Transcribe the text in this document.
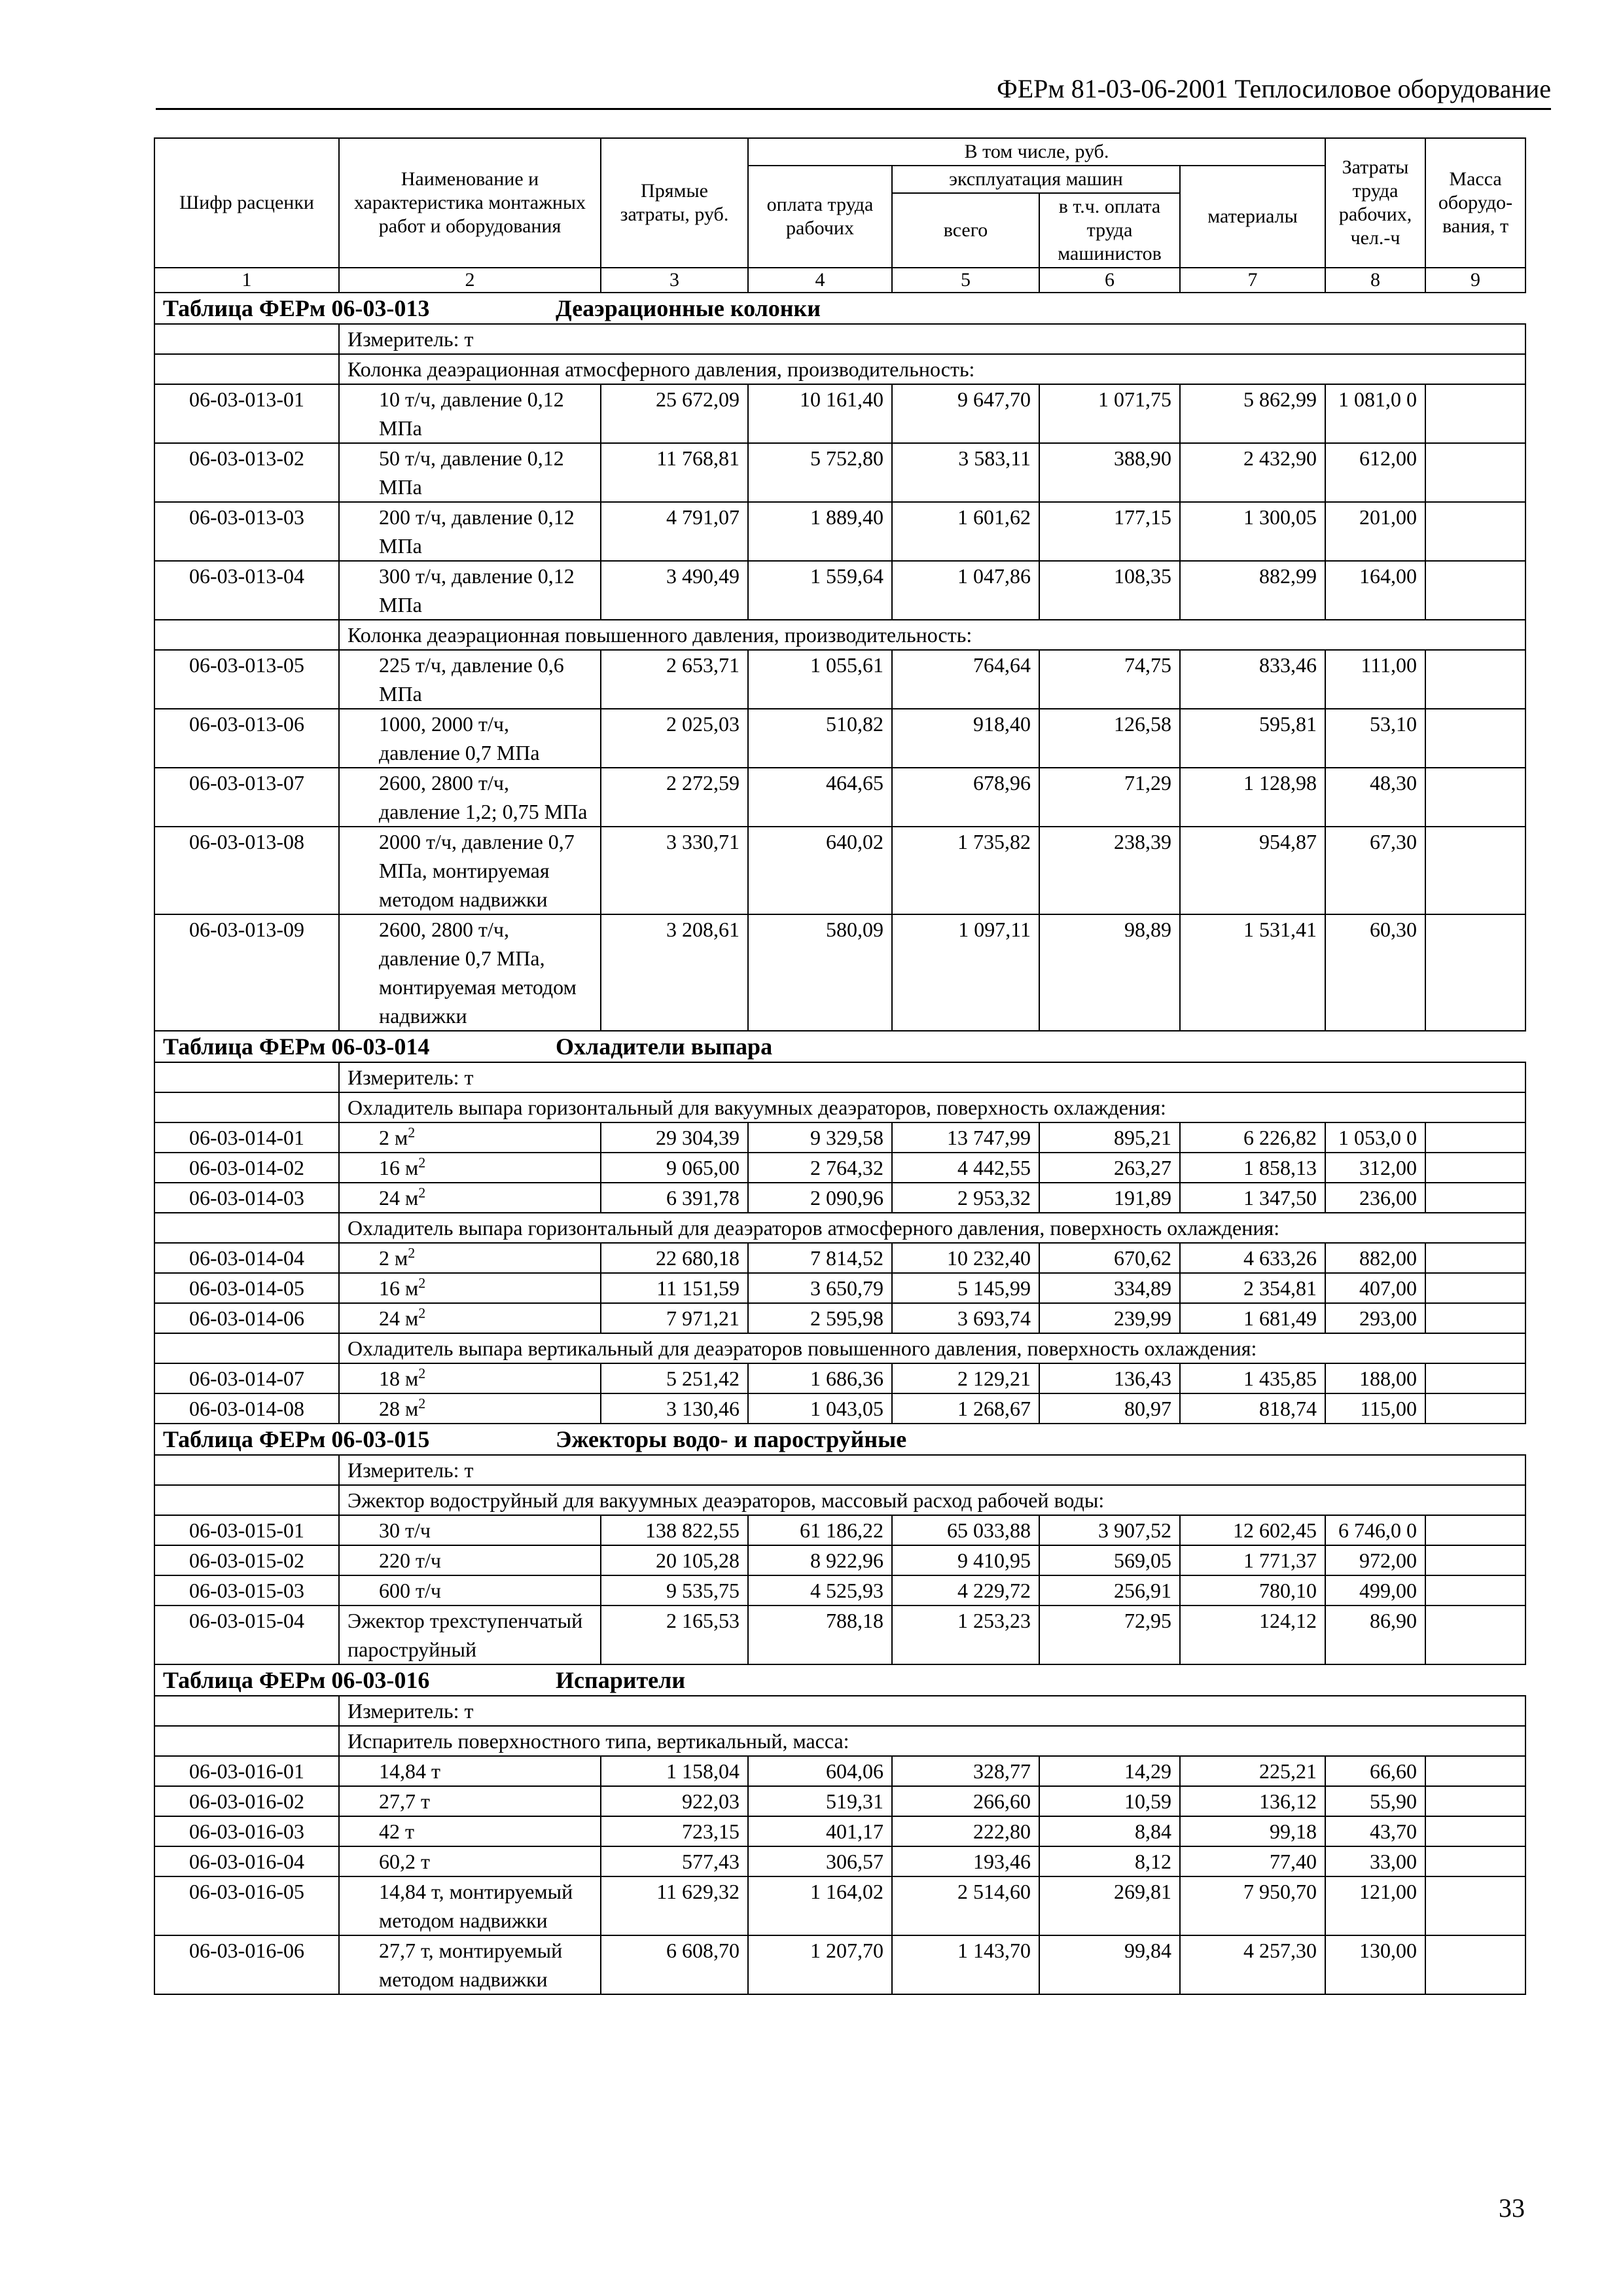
ФЕРм 81-03-06-2001 Теплосиловое оборудование
Шифр расценки	Наименование и характеристика монтажных работ и оборудования	Прямые затраты, руб.	В том числе, руб.				Затраты труда рабочих, чел.-ч	Масса оборудо-вания, т
			оплата труда рабочих	эксплуатация машин		материалы		
				всего	в т.ч. оплата труда машинистов			

1	2	3	4	5	6	7	8	9

Таблица ФЕРм 06-03-013 Деаэрационные колонки								

	Измеритель: т							
	Колонка деаэрационная атмосферного давления, производительность:							
06-03-013-01	10 т/ч, давление 0,12 МПа	25 672,09	10 161,40	9 647,70	1 071,75	5 862,99	1 081,0 0	
06-03-013-02	50 т/ч, давление 0,12 МПа	11 768,81	5 752,80	3 583,11	388,90	2 432,90	612,00	
06-03-013-03	200 т/ч, давление 0,12 МПа	4 791,07	1 889,40	1 601,62	177,15	1 300,05	201,00	
06-03-013-04	300 т/ч, давление 0,12 МПа	3 490,49	1 559,64	1 047,86	108,35	882,99	164,00	
	Колонка деаэрационная повышенного давления, производительность:							
06-03-013-05	225 т/ч, давление 0,6 МПа	2 653,71	1 055,61	764,64	74,75	833,46	111,00	
06-03-013-06	1000, 2000 т/ч, давление 0,7 МПа	2 025,03	510,82	918,40	126,58	595,81	53,10	
06-03-013-07	2600, 2800 т/ч, давление 1,2; 0,75 МПа	2 272,59	464,65	678,96	71,29	1 128,98	48,30	
06-03-013-08	2000 т/ч, давление 0,7 МПа, монтируемая методом надвижки	3 330,71	640,02	1 735,82	238,39	954,87	67,30	
06-03-013-09	2600, 2800 т/ч, давление 0,7 МПа, монтируемая методом надвижки	3 208,61	580,09	1 097,11	98,89	1 531,41	60,30	

Таблица ФЕРм 06-03-014 Охладители выпара								

	Измеритель: т							
	Охладитель выпара горизонтальный для вакуумных деаэраторов, поверхность охлаждения:							
06-03-014-01	2 $м^2$	29 304,39	9 329,58	13 747,99	895,21	6 226,82	1 053,0 0	
06-03-014-02	16 $м^2$	9 065,00	2 764,32	4 442,55	263,27	1 858,13	312,00	
06-03-014-03	24 $м^2$	6 391,78	2 090,96	2 953,32	191,89	1 347,50	236,00	
	Охладитель выпара горизонтальный для деаэраторов атмосферного давления, поверхность охлаждения:							
06-03-014-04	2 $м^2$	22 680,18	7 814,52	10 232,40	670,62	4 633,26	882,00	
06-03-014-05	16 $м^2$	11 151,59	3 650,79	5 145,99	334,89	2 354,81	407,00	
06-03-014-06	24 $м^2$	7 971,21	2 595,98	3 693,74	239,99	1 681,49	293,00	
	Охладитель выпара вертикальный для деаэраторов повышенного давления, поверхность охлаждения:							
06-03-014-07	18 $м^2$	5 251,42	1 686,36	2 129,21	136,43	1 435,85	188,00	
06-03-014-08	28 $м^2$	3 130,46	1 043,05	1 268,67	80,97	818,74	115,00	

Таблица ФЕРм 06-03-015 Эжекторы водо- и пароструйные								

	Измеритель: т							
	Эжектор водоструйный для вакуумных деаэраторов, массовый расход рабочей воды:							
06-03-015-01	30 т/ч	138 822,55	61 186,22	65 033,88	3 907,52	12 602,45	6 746,0 0	
06-03-015-02	220 т/ч	20 105,28	8 922,96	9 410,95	569,05	1 771,37	972,00	
06-03-015-03	600 т/ч	9 535,75	4 525,93	4 229,72	256,91	780,10	499,00	
06-03-015-04	Эжектор трехступенчатый пароструйный	2 165,53	788,18	1 253,23	72,95	124,12	86,90	

Таблица ФЕРм 06-03-016 Испарители								

	Измеритель: т							
	Испаритель поверхностного типа, вертикальный, масса:							
06-03-016-01	14,84 т	1 158,04	604,06	328,77	14,29	225,21	66,60	
06-03-016-02	27,7 т	922,03	519,31	266,60	10,59	136,12	55,90	
06-03-016-03	42 т	723,15	401,17	222,80	8,84	99,18	43,70	
06-03-016-04	60,2 т	577,43	306,57	193,46	8,12	77,40	33,00	
06-03-016-05	14,84 т, монтируемый методом надвижки	11 629,32	1 164,02	2 514,60	269,81	7 950,70	121,00	
06-03-016-06	27,7 т, монтируемый методом надвижки	6 608,70	1 207,70	1 143,70	99,84	4 257,30	130,00	
33
